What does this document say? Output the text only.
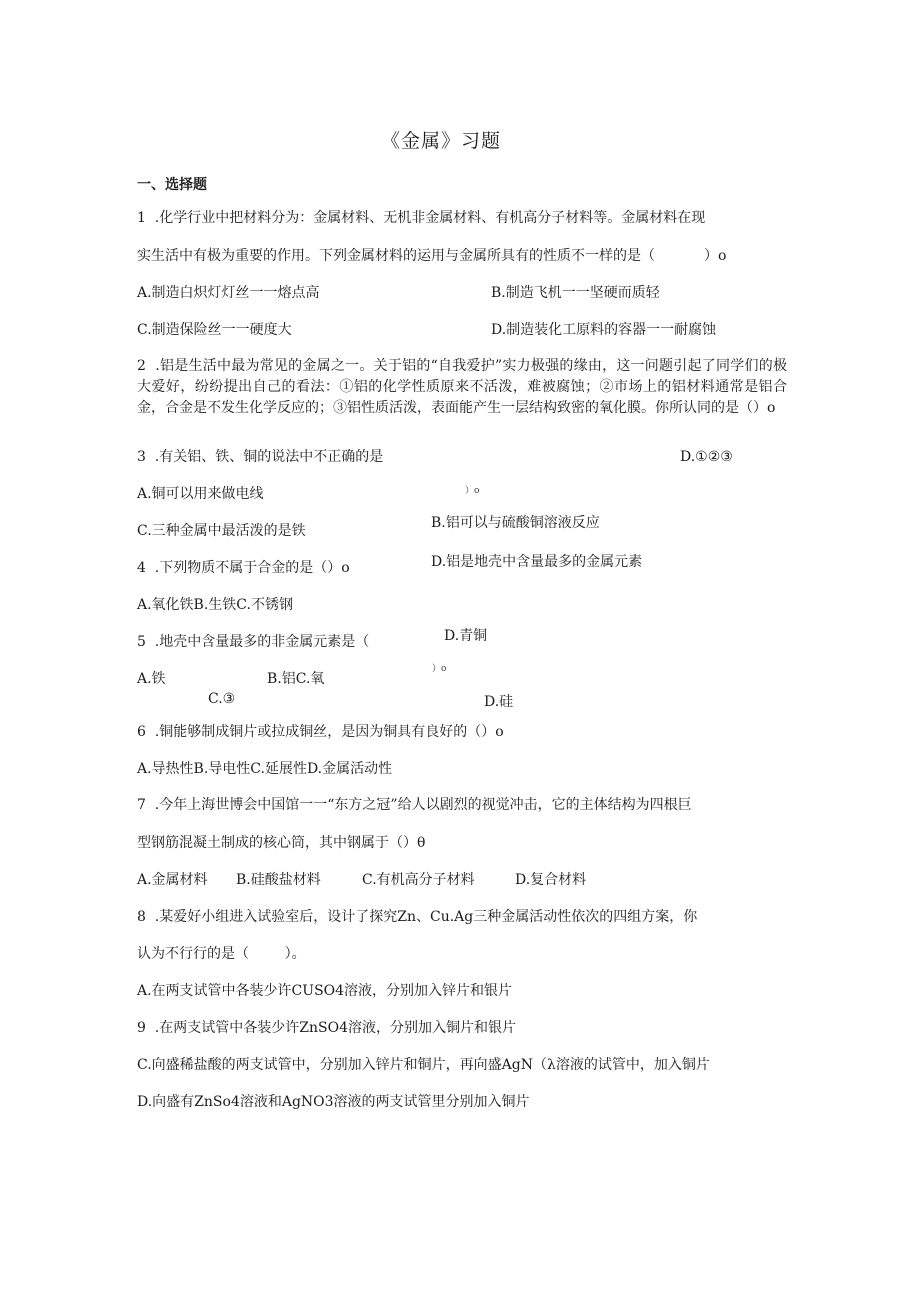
《金属》习题
一、选择题
1  .化学行业中把材料分为：金属材料、无机非金属材料、有机高分子材料等。金属材料在现
实生活中有极为重要的作用。下列金属材料的运用与金属所具有的性质不一样的是（           ）o
A.制造白炽灯灯丝一一熔点高	B.制造飞机一一坚硬而质轻
C.制造保险丝一一硬度大	D.制造装化工原料的容器一一耐腐蚀
2  .铝是生活中最为常见的金属之一。关于铝的“自我爱护”实力极强的缘由，这一问题引起了同学们的极大爱好，纷纷提出自己的看法：①铝的化学性质原来不活泼，难被腐蚀；②市场上的铝材料通常是铝合金，合金是不发生化学反应的；③铝性质活泼，表面能产生一层结构致密的氧化膜。你所认同的是（）o
D.①②③
C.③
3  .有关铝、铁、铜的说法中不正确的是
）o
A.铜可以用来做电线
B.铝可以与硫酸铜溶液反应
C.三种金属中最活泼的是铁
D.铝是地壳中含量最多的金属元素
4  .下列物质不属于合金的是（）o
A.氧化铁B.生铁C.不锈钢
D.青铜
5  .地壳中含量最多的非金属元素是（
）o
A.铁	B.铝C.氧
D.硅
6  .铜能够制成铜片或拉成铜丝，是因为铜具有良好的（）o
A.导热性B.导电性C.延展性D.金属活动性
7  .今年上海世博会中国馆一一“东方之冠”给人以剧烈的视觉冲击，它的主体结构为四根巨
型钢筋混凝土制成的核心筒，其中钢属于（）θ
A.金属材料 B.硅酸盐材料	C.有机高分子材料	D.复合材料
8  .某爱好小组进入试验室后，设计了探究Zn、Cu.Ag三种金属活动性依次的四组方案，你
认为不行行的是（        ）。
A.在两支试管中各装少许CUSO4溶液，分别加入锌片和银片
9  .在两支试管中各装少许ZnSO4溶液，分别加入铜片和银片
C.向盛稀盐酸的两支试管中，分别加入锌片和铜片，再向盛AgN（λ溶液的试管中，加入铜片
D.向盛有ZnSo4溶液和AgNO3溶液的两支试管里分别加入铜片
